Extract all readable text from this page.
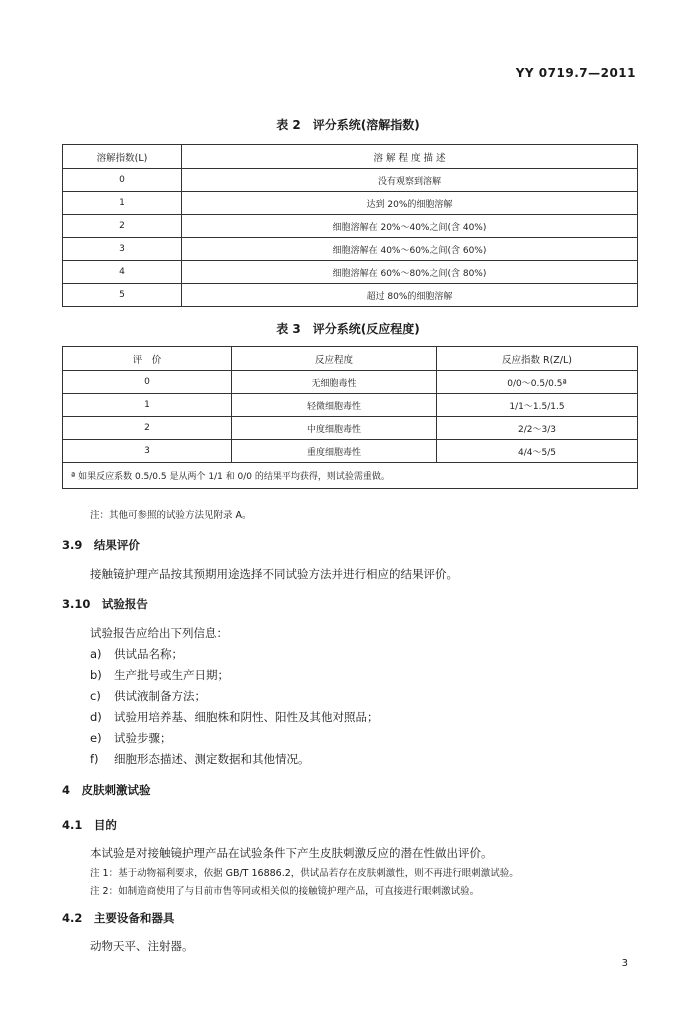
YY 0719.7—2011
表 2　评分系统(溶解指数)
溶解指数(L)	溶 解 程 度 描 述
0	没有观察到溶解
1	达到 20%的细胞溶解
2	细胞溶解在 20%～40%之间(含 40%)
3	细胞溶解在 40%～60%之间(含 60%)
4	细胞溶解在 60%～80%之间(含 80%)
5	超过 80%的细胞溶解
表 3　评分系统(反应程度)
评　价	反应程度	反应指数 R(Z/L)
0	无细胞毒性	0/0～0.5/0.5ª
1	轻微细胞毒性	1/1～1.5/1.5
2	中度细胞毒性	2/2～3/3
3	重度细胞毒性	4/4～5/5
ª 如果反应系数 0.5/0.5 是从两个 1/1 和 0/0 的结果平均获得，则试验需重做。		
注：其他可参照的试验方法见附录 A。
3.9　结果评价
接触镜护理产品按其预期用途选择不同试验方法并进行相应的结果评价。
3.10　试验报告
试验报告应给出下列信息：
a) 供试品名称；
b) 生产批号或生产日期；
c) 供试液制备方法；
d) 试验用培养基、细胞株和阴性、阳性及其他对照品；
e) 试验步骤；
f) 细胞形态描述、测定数据和其他情况。
4　皮肤刺激试验
4.1　目的
本试验是对接触镜护理产品在试验条件下产生皮肤刺激反应的潜在性做出评价。
注 1：基于动物福利要求，依据 GB/T 16886.2，供试品若存在皮肤刺激性，则不再进行眼刺激试验。
注 2：如制造商使用了与目前市售等同或相关似的接触镜护理产品，可直接进行眼刺激试验。
4.2　主要设备和器具
动物天平、注射器。
3
